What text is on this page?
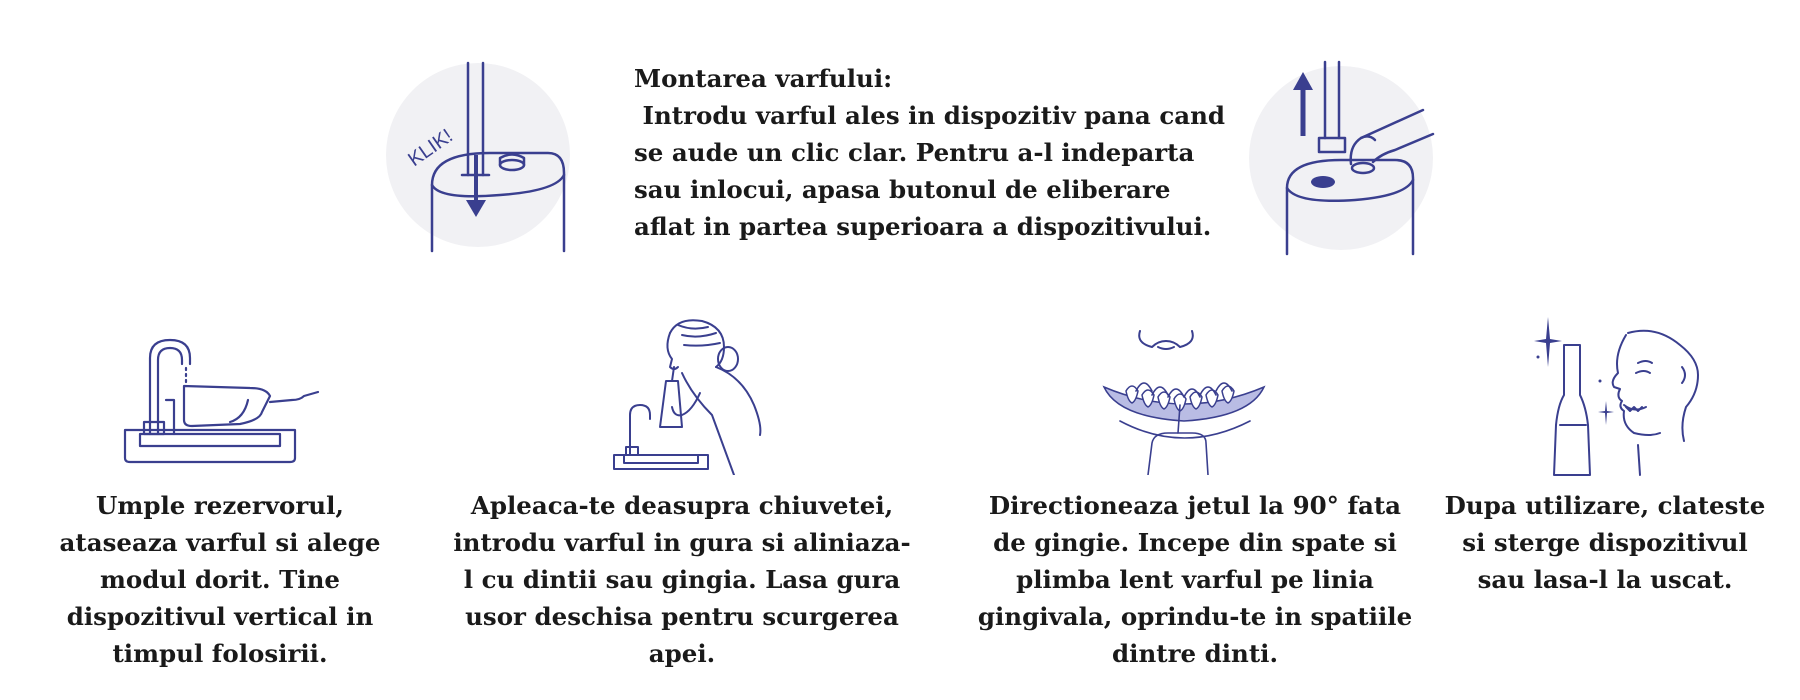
KLIK!
Montarea varfului:
Introdu varful ales in dispozitiv pana cand se aude un clic clar. Pentru a-l indeparta sau inlocui, apasa butonul de eliberare aflat in partea superioara a dispozitivului.
Umple rezervorul, ataseaza varful si alege modul dorit. Tine dispozitivul vertical in timpul folosirii.
Apleaca-te deasupra chiuvetei, introdu varful in gura si aliniaza-l cu dintii sau gingia. Lasa gura usor deschisa pentru scurgerea apei.
Directioneaza jetul la 90° fata de gingie. Incepe din spate si plimba lent varful pe linia gingivala, oprindu-te in spatiile dintre dinti.
Dupa utilizare, clateste si sterge dispozitivul sau lasa-l la uscat.
